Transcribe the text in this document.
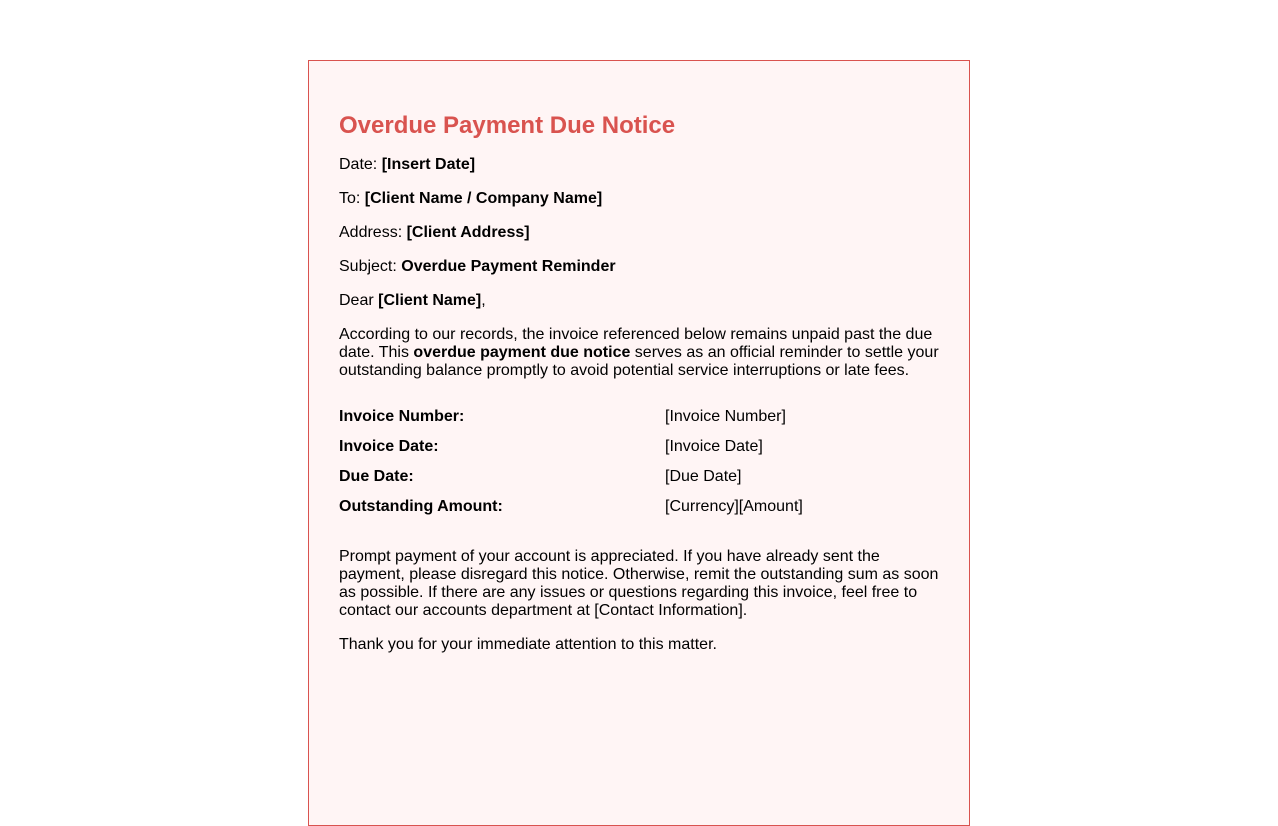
Overdue Payment Due Notice

Date: [Insert Date]

To: [Client Name / Company Name]

Address: [Client Address]

Subject: Overdue Payment Reminder

Dear [Client Name],

According to our records, the invoice referenced below remains unpaid past the due date. This overdue payment due notice serves as an official reminder to settle your outstanding balance promptly to avoid potential service interruptions or late fees.

Invoice Number:	[Invoice Number]
Invoice Date:	[Invoice Date]
Due Date:	[Due Date]
Outstanding Amount:	[Currency][Amount]

Prompt payment of your account is appreciated. If you have already sent the payment, please disregard this notice. Otherwise, remit the outstanding sum as soon as possible. If there are any issues or questions regarding this invoice, feel free to contact our accounts department at [Contact Information].

Thank you for your immediate attention to this matter.
